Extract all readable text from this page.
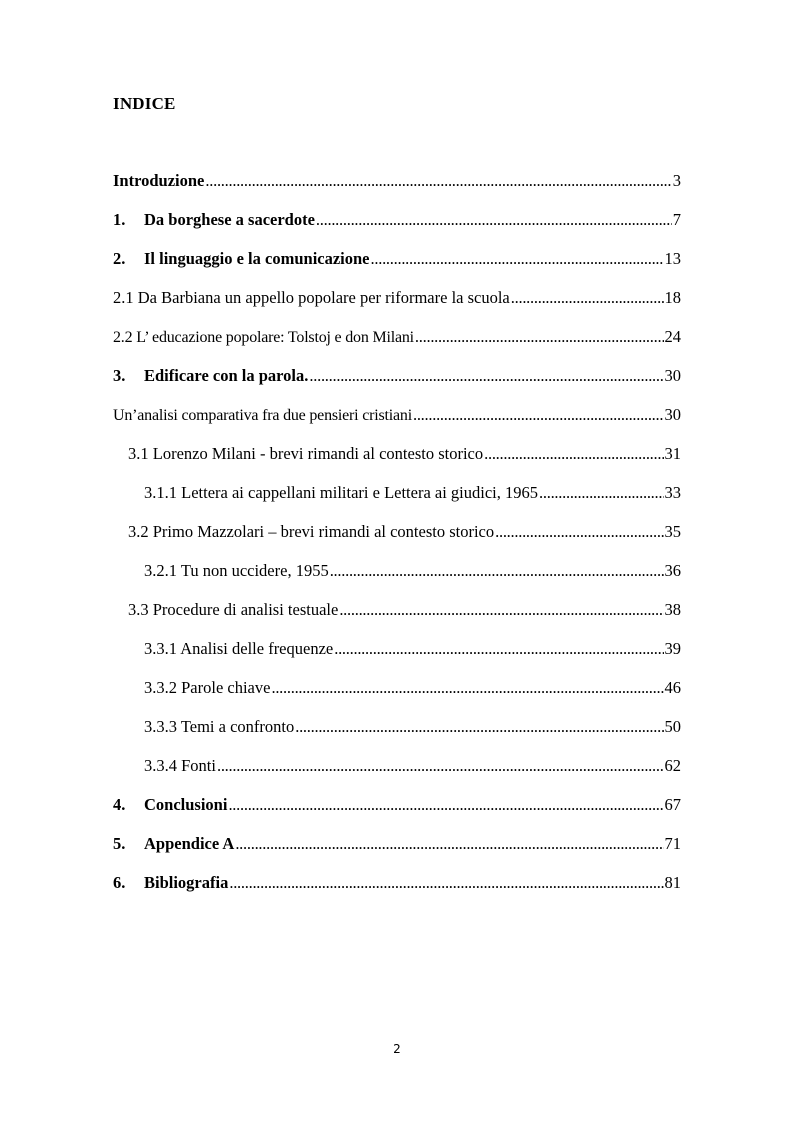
INDICE
Introduzione . . .	3
1.	Da borghese a sacerdote . . .	7
2.	Il linguaggio e la comunicazione . . .	13
2.1 Da Barbiana un appello popolare per riformare la scuola . . .	18
2.2 L’ educazione popolare: Tolstoj e don Milani . . .	24
3.	Edificare con la parola. . . .	30
Un’analisi comparativa fra due pensieri cristiani . . .	30
3.1 Lorenzo Milani - brevi rimandi al contesto storico . . .	31
3.1.1 Lettera ai cappellani militari e Lettera ai giudici, 1965 . . .	33
3.2 Primo Mazzolari – brevi rimandi al contesto storico . . .	35
3.2.1 Tu non uccidere, 1955 . . .	36
3.3 Procedure di analisi testuale . . .	38
3.3.1 Analisi delle frequenze . . .	39
3.3.2 Parole chiave . . .	46
3.3.3 Temi a confronto . . .	50
3.3.4 Fonti . . .	62
4.	Conclusioni . . .	67
5.	Appendice A . . .	71
6.	Bibliografia . . .	81
2
